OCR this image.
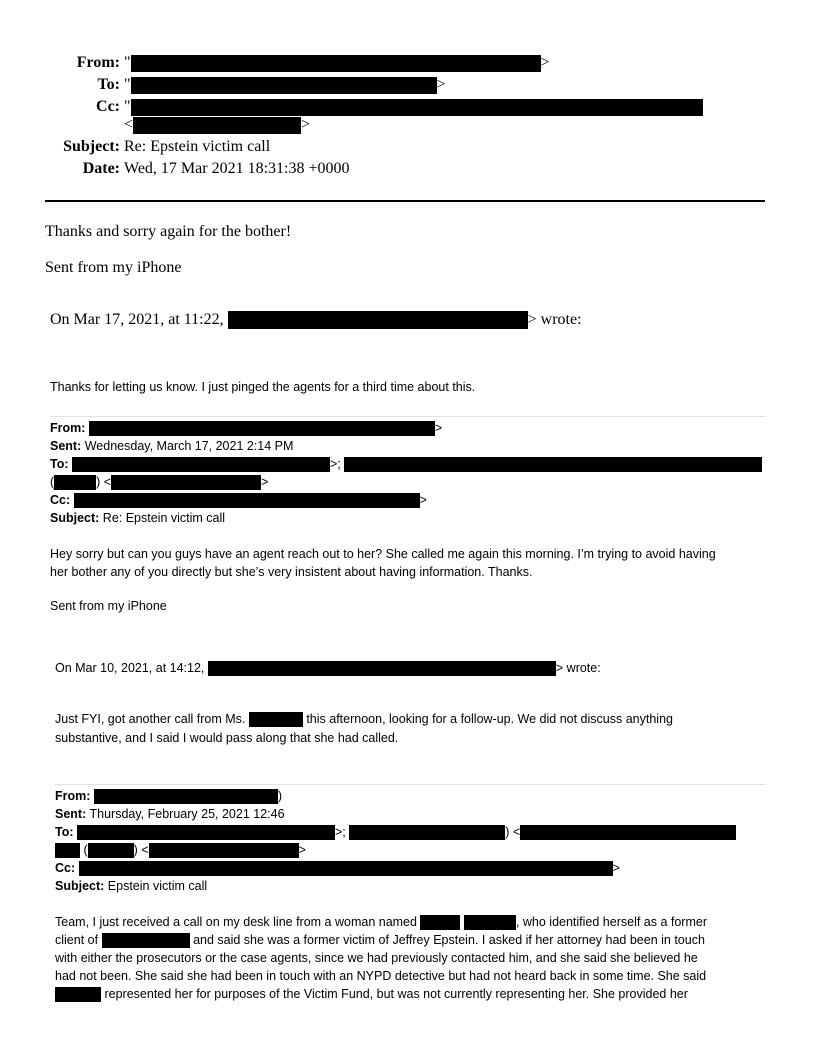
From: "	>
To: "	>
Cc: "
<	>
Subject: Re: Epstein victim call
Date: Wed, 17 Mar 2021 18:31:38 +0000
Thanks and sorry again for the bother!
Sent from my iPhone
On Mar 17, 2021, at 11:22,	> wrote:
Thanks for letting us know. I just pinged the agents for a third time about this.
From:	>
Sent: Wednesday, March 17, 2021 2:14 PM
To:	>;
(	) <	>
Cc:	>
Subject: Re: Epstein victim call
Hey sorry but can you guys have an agent reach out to her? She called me again this morning. I’m trying to avoid having
her bother any of you directly but she’s very insistent about having information. Thanks.
Sent from my iPhone
On Mar 10, 2021, at 14:12,	> wrote:
Just FYI, got another call from Ms.	this afternoon, looking for a follow-up. We did not discuss anything
substantive, and I said I would pass along that she had called.
From:	)
Sent: Thursday, February 25, 2021 12:46
To:	>;	) <
(	) <	>
Cc:	>
Subject: Epstein victim call
Team, I just received a call on my desk line from a woman named	, who identified herself as a former
client of	and said she was a former victim of Jeffrey Epstein. I asked if her attorney had been in touch
with either the prosecutors or the case agents, since we had previously contacted him, and she said she believed he
had not been. She said she had been in touch with an NYPD detective but had not heard back in some time. She said
represented her for purposes of the Victim Fund, but was not currently representing her. She provided her
